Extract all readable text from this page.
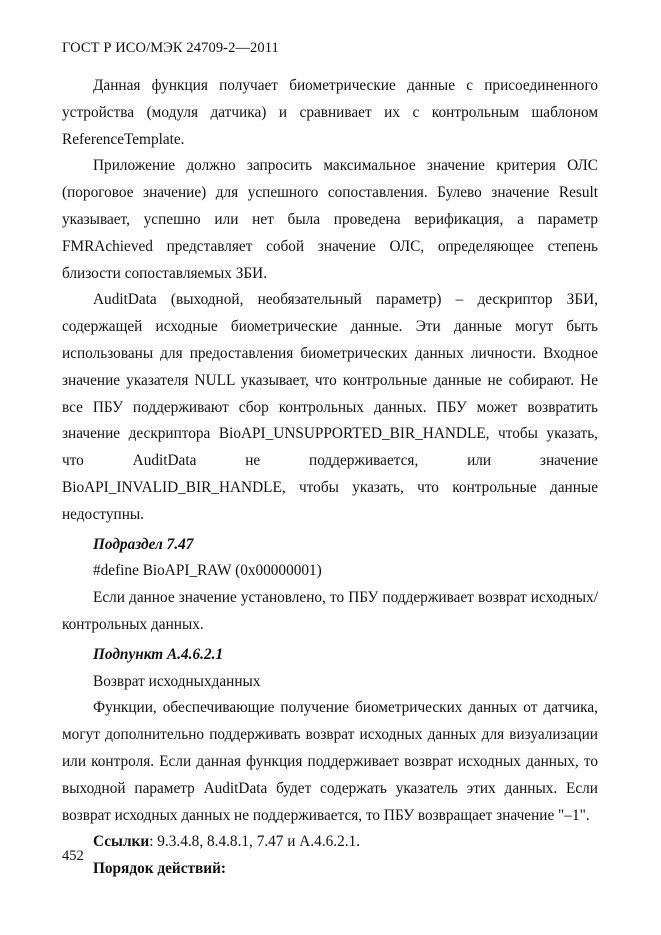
ГОСТ Р ИСО/МЭК 24709-2—2011

Данная функция получает биометрические данные с присоединенного устройства (модуля датчика) и сравнивает их с контрольным шаблоном ReferenceTemplate.

Приложение должно запросить максимальное значение критерия ОЛС (пороговое значение) для успешного сопоставления. Булево значение Result указывает, успешно или нет была проведена верификация, а параметр FMRAchieved представляет собой значение ОЛС, определяющее степень близости сопоставляемых ЗБИ.

AuditData (выходной, необязательный параметр) – дескриптор ЗБИ, содержащей исходные биометрические данные. Эти данные могут быть использованы для предоставления биометрических данных личности. Входное значение указателя NULL указывает, что контрольные данные не собирают. Не все ПБУ поддерживают сбор контрольных данных. ПБУ может возвратить значение дескриптора BioAPI_UNSUPPORTED_BIR_HANDLE, чтобы указать, что AuditData не поддерживается, или значение BioAPI_INVALID_BIR_HANDLE, чтобы указать, что контрольные данные недоступны.

Подраздел 7.47

#define BioAPI_RAW (0x00000001)

Если данное значение установлено, то ПБУ поддерживает возврат исходных/контрольных данных.

Подпункт А.4.6.2.1

Возврат исходныхданных

Функции, обеспечивающие получение биометрических данных от датчика, могут дополнительно поддерживать возврат исходных данных для визуализации или контроля. Если данная функция поддерживает возврат исходных данных, то выходной параметр AuditData будет содержать указатель этих данных. Если возврат исходных данных не поддерживается, то ПБУ возвращает значение "–1".

Ссылки: 9.3.4.8, 8.4.8.1, 7.47 и А.4.6.2.1.

Порядок действий:

452
